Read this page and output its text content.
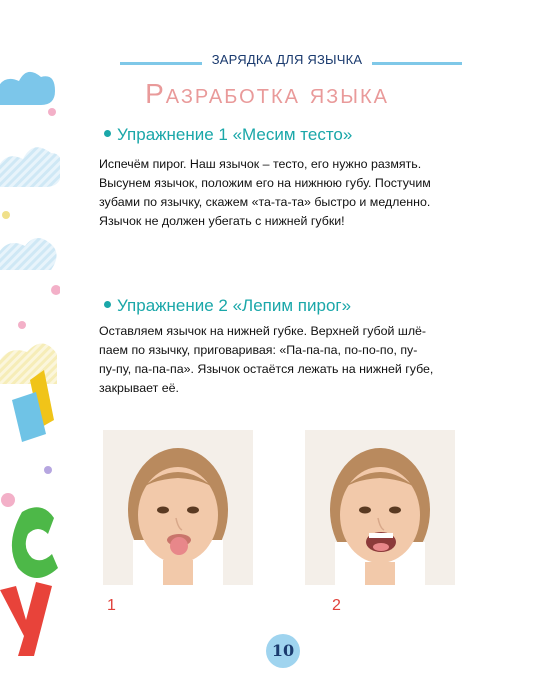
ЗАРЯДКА ДЛЯ ЯЗЫЧКА
Разработка языка
Упражнение 1 «Месим тесто»
Испечём пирог. Наш язычок – тесто, его нужно размять.
Высунем язычок, положим его на нижнюю губу. Постучим
зубами по язычку, скажем «та-та-та» быстро и медленно.
Язычок не должен убегать с нижней губки!
Упражнение 2 «Лепим пирог»
Оставляем язычок на нижней губке. Верхней губой шлё-
паем по язычку, приговаривая: «Па-па-па, по-по-по, пу-
пу-пу, па-па-па». Язычок остаётся лежать на нижней губе,
закрывает её.
1	2
10
